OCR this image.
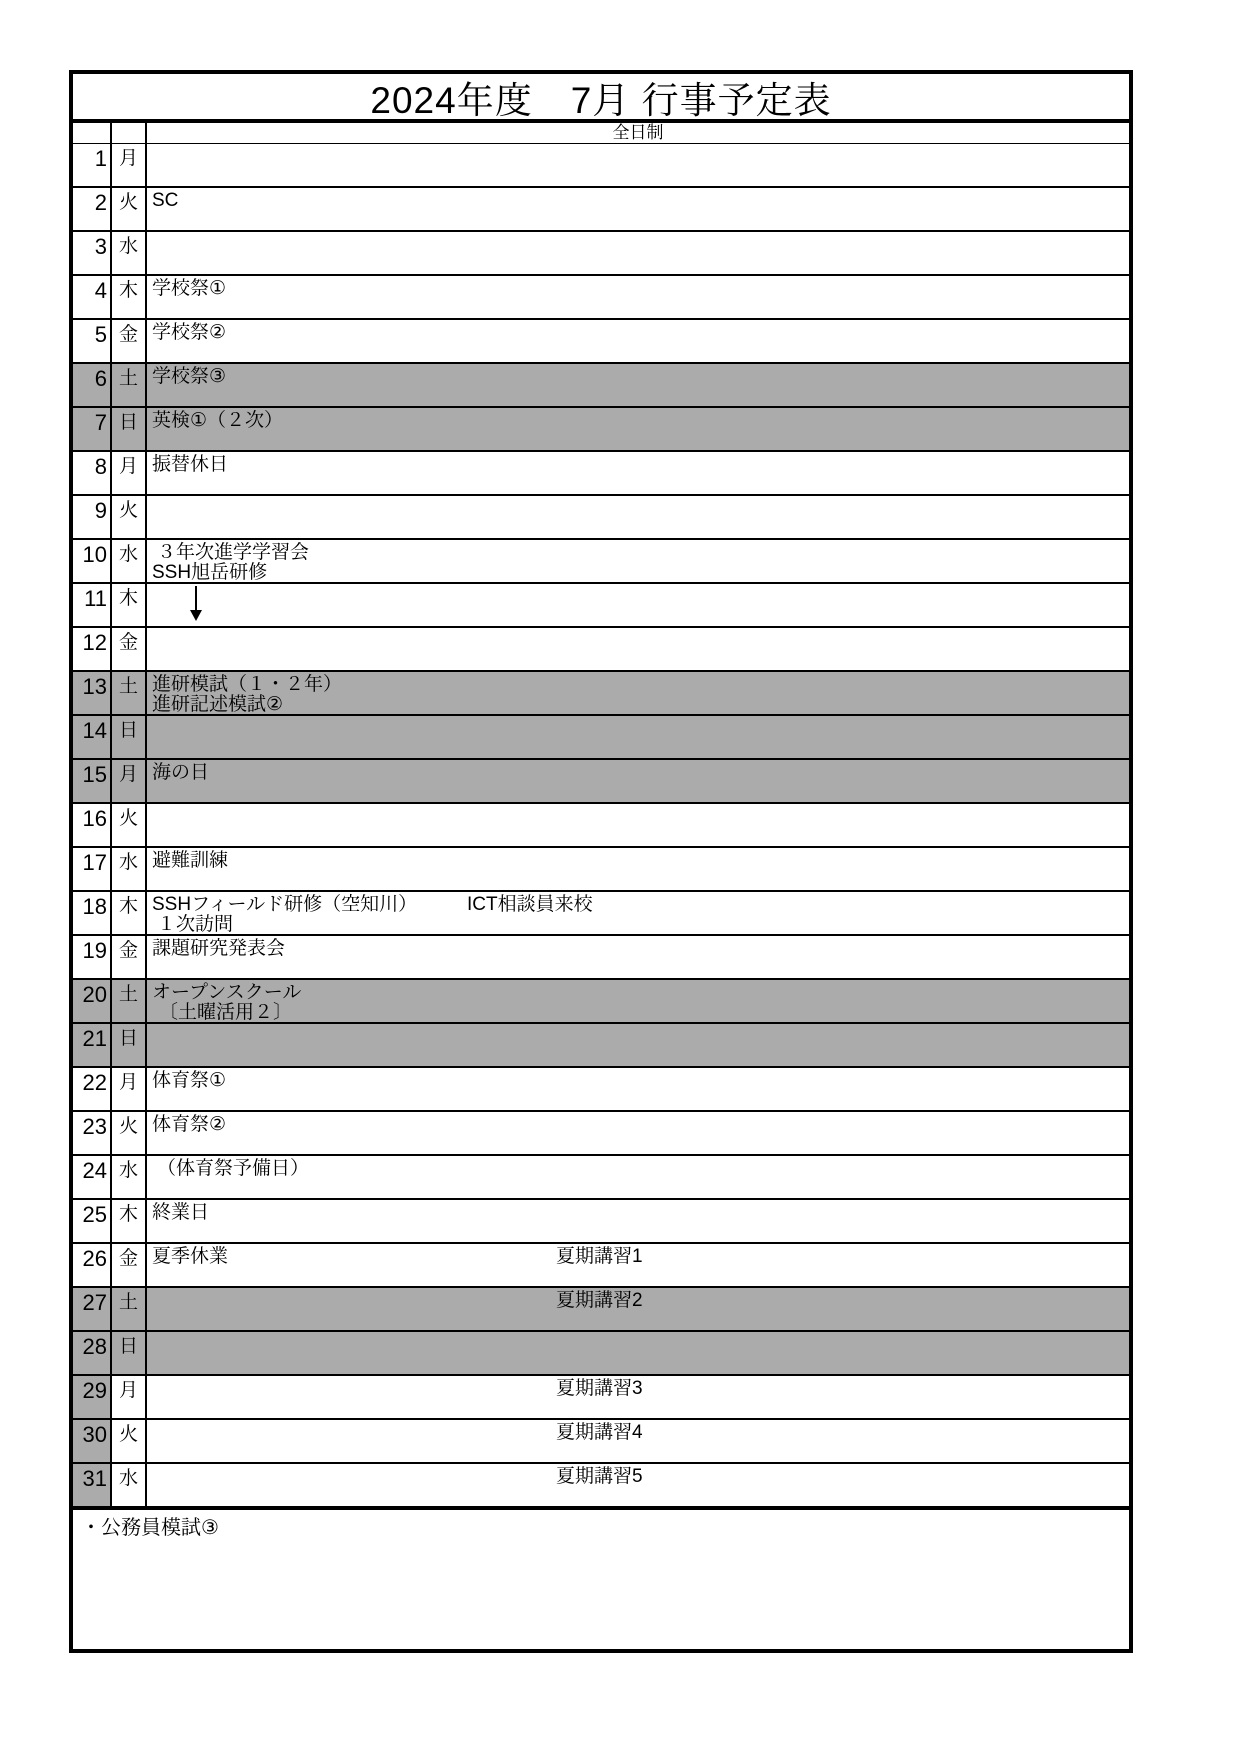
2024年度　7月 行事予定表
全日制
1 月
2 火 SC
3 水
4 木 学校祭①
5 金 学校祭②
6 土 学校祭③
7 日 英検①（２次）
8 月 振替休日
9 火
10 水	３年次進学学習会
SSH旭岳研修
11 木
12 金
13 土 進研模試（１・２年）
進研記述模試②
14 日
15 月 海の日
16 火
17 水 避難訓練
18 木 SSHフィールド研修（空知川）	ICT相談員来校
１次訪問
19 金 課題研究発表会
20 土 オープンスクール
〔土曜活用２〕
21 日
22 月 体育祭①
23 火 体育祭②
24 水	（体育祭予備日）
25 木 終業日
26 金 夏季休業	夏期講習1
27 土	夏期講習2
28 日
29 月	夏期講習3
30 火	夏期講習4
31 水	夏期講習5
・公務員模試③
